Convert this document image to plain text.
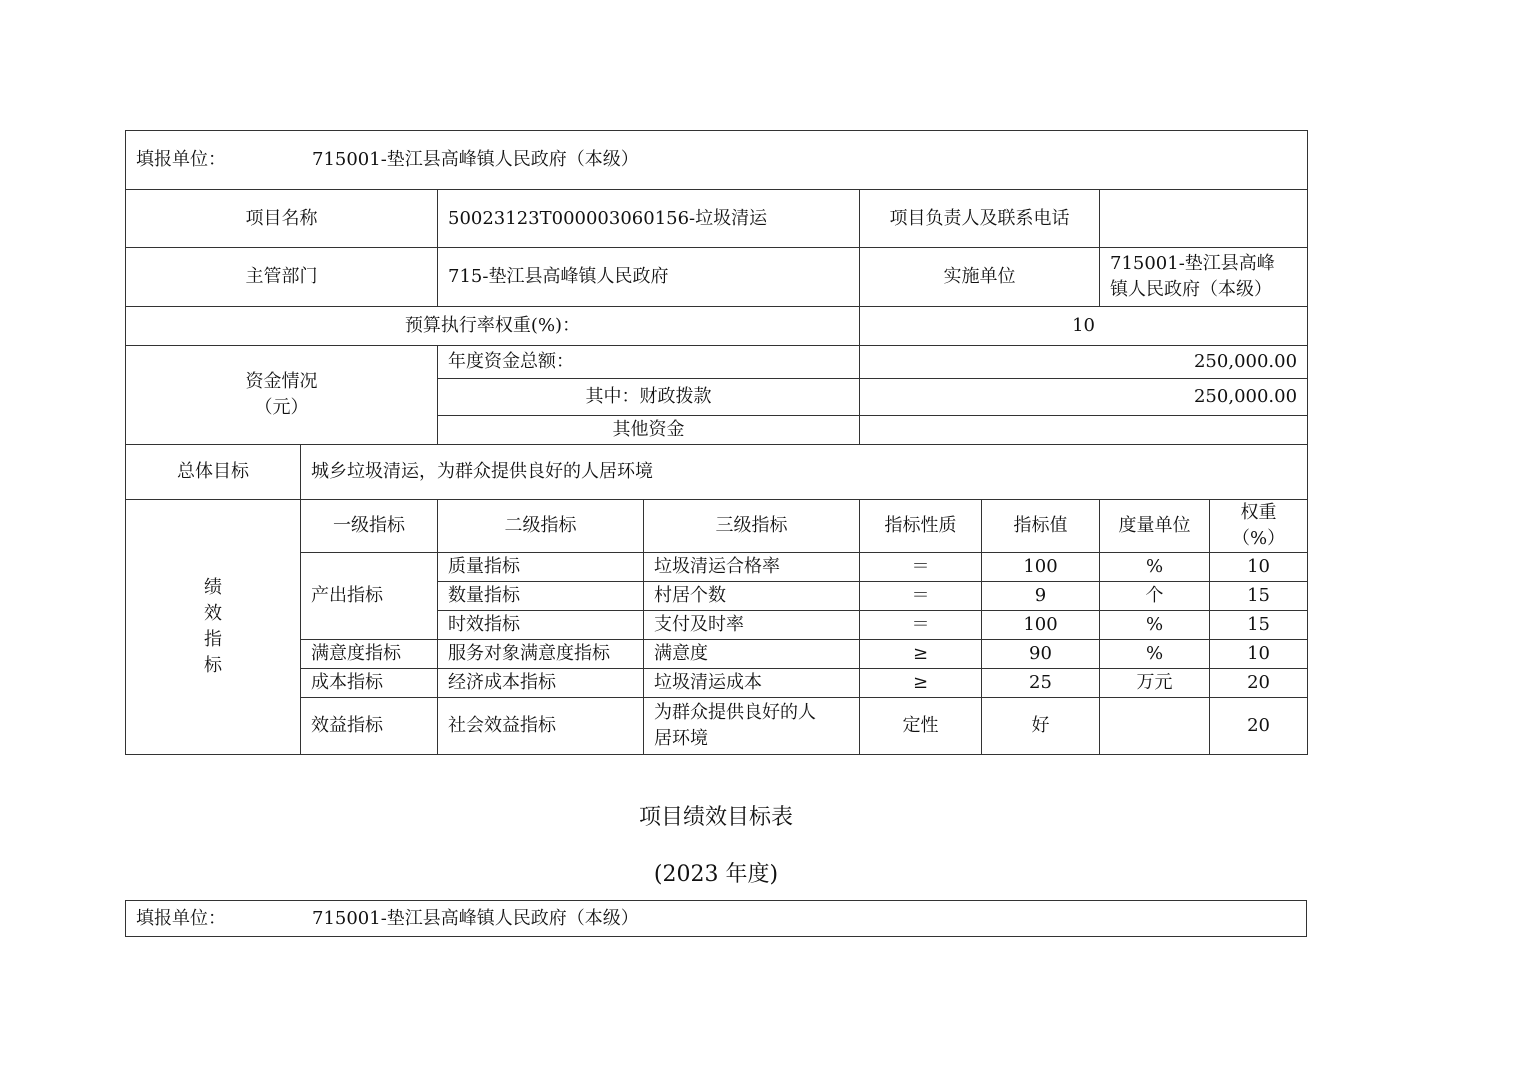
填报单位： 715001-垫江县高峰镇人民政府（本级）							
项目名称		50023123T000003060156-垃圾清运		项目负责人及联系电话			
主管部门		715-垫江县高峰镇人民政府		实施单位		715001-垫江县高峰
镇人民政府（本级）	

预算执行率权重(%)：				10			

资金情况
（元）		年度资金总额：		250,000.00			
		其中：财政拨款		250,000.00			
		其他资金					
总体目标	城乡垃圾清运，为群众提供良好的人居环境						

绩
效
指
标	一级指标	二级指标	三级指标	指标性质	指标值	度量单位	权重（%）
	产出指标	质量指标	垃圾清运合格率	＝	100	%	10
		数量指标	村居个数	＝	9	个	15
		时效指标	支付及时率	＝	100	%	15
	满意度指标	服务对象满意度指标	满意度	≥	90	%	10
	成本指标	经济成本指标	垃圾清运成本	≥	25	万元	20
	效益指标	社会效益指标	为群众提供良好的人
居环境	定性	好		20
项目绩效目标表
(2023 年度)
填报单位：	715001-垫江县高峰镇人民政府（本级）
